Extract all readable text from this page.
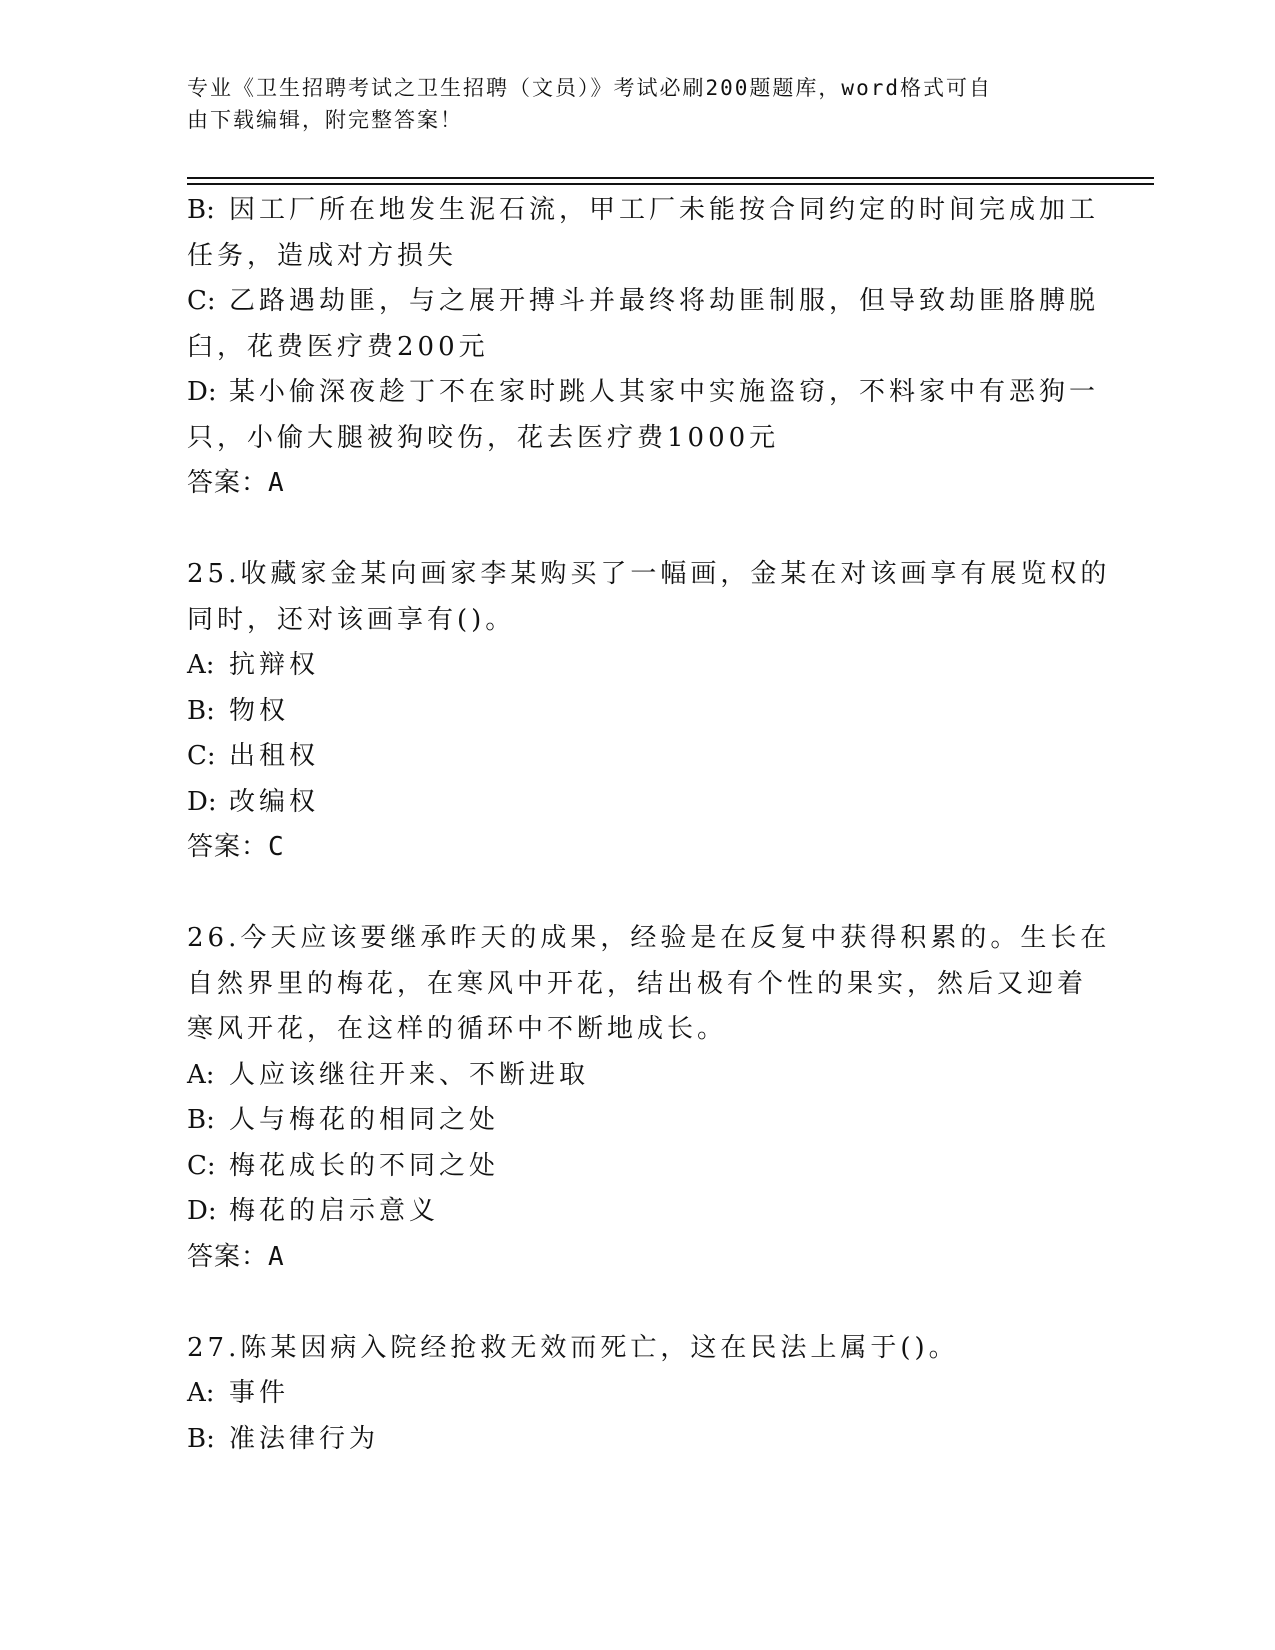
专业《卫生招聘考试之卫生招聘（文员）》考试必刷200题题库，word格式可自
由下载编辑，附完整答案！
B: 因工厂所在地发生泥石流，甲工厂未能按合同约定的时间完成加工
任务，造成对方损失
C: 乙路遇劫匪，与之展开搏斗并最终将劫匪制服，但导致劫匪胳膊脱
臼，花费医疗费200元
D: 某小偷深夜趁丁不在家时跳人其家中实施盗窃，不料家中有恶狗一
只，小偷大腿被狗咬伤，花去医疗费1000元
答案：A
25.收藏家金某向画家李某购买了一幅画，金某在对该画享有展览权的
同时，还对该画享有()。
A: 抗辩权
B: 物权
C: 出租权
D: 改编权
答案：C
26.今天应该要继承昨天的成果，经验是在反复中获得积累的。生长在
自然界里的梅花，在寒风中开花，结出极有个性的果实，然后又迎着
寒风开花，在这样的循环中不断地成长。
A: 人应该继往开来、不断进取
B: 人与梅花的相同之处
C: 梅花成长的不同之处
D: 梅花的启示意义
答案：A
27.陈某因病入院经抢救无效而死亡，这在民法上属于()。
A: 事件
B: 准法律行为
